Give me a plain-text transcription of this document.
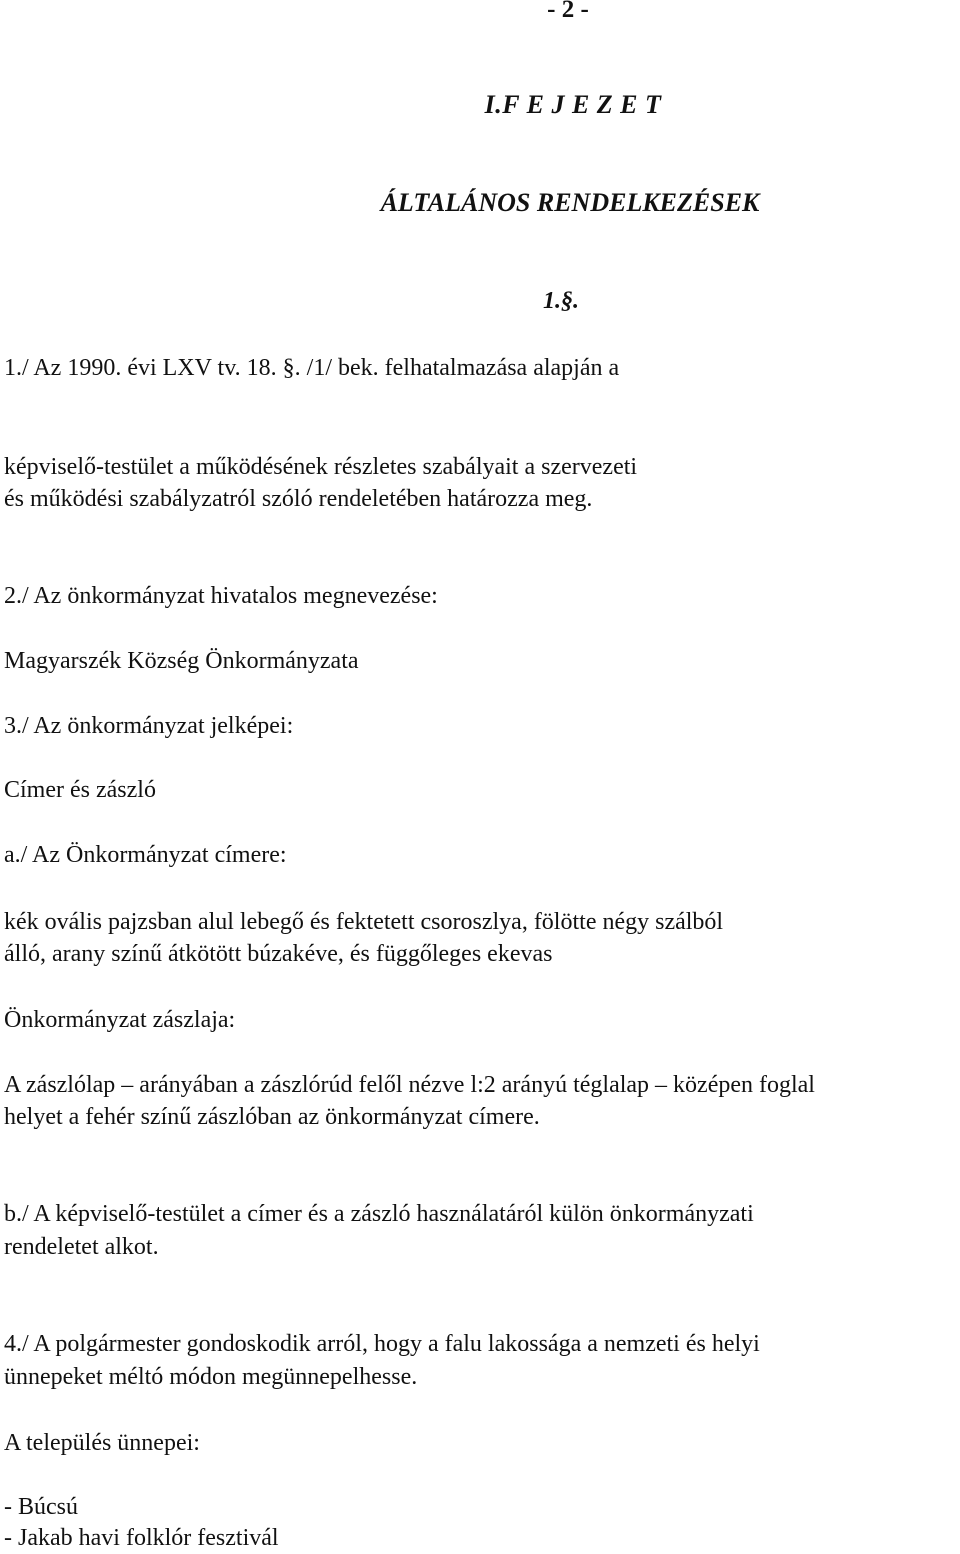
- 2 -
I.F E J E Z E T
ÁLTALÁNOS RENDELKEZÉSEK
1.§.
1./ Az 1990. évi LXV tv. 18. §. /1/ bek. felhatalmazása alapján a
képviselő-testület a működésének részletes szabályait a szervezeti
és működési szabályzatról szóló rendeletében határozza meg.
2./ Az önkormányzat hivatalos megnevezése:
Magyarszék Község Önkormányzata
3./ Az önkormányzat jelképei:
Címer és zászló
a./ Az Önkormányzat címere:
kék ovális pajzsban alul lebegő és fektetett csoroszlya, fölötte négy szálból
álló, arany színű átkötött búzakéve, és függőleges ekevas
Önkormányzat zászlaja:
A zászlólap – arányában a zászlórúd felől nézve l:2 arányú téglalap – középen foglal
helyet a fehér színű zászlóban az önkormányzat címere.
b./ A képviselő-testület a címer és a zászló használatáról külön önkormányzati
rendeletet alkot.
4./ A polgármester gondoskodik arról, hogy a falu lakossága a nemzeti és helyi
ünnepeket méltó módon megünnepelhesse.
A település ünnepei:
- Búcsú
- Jakab havi folklór fesztivál
